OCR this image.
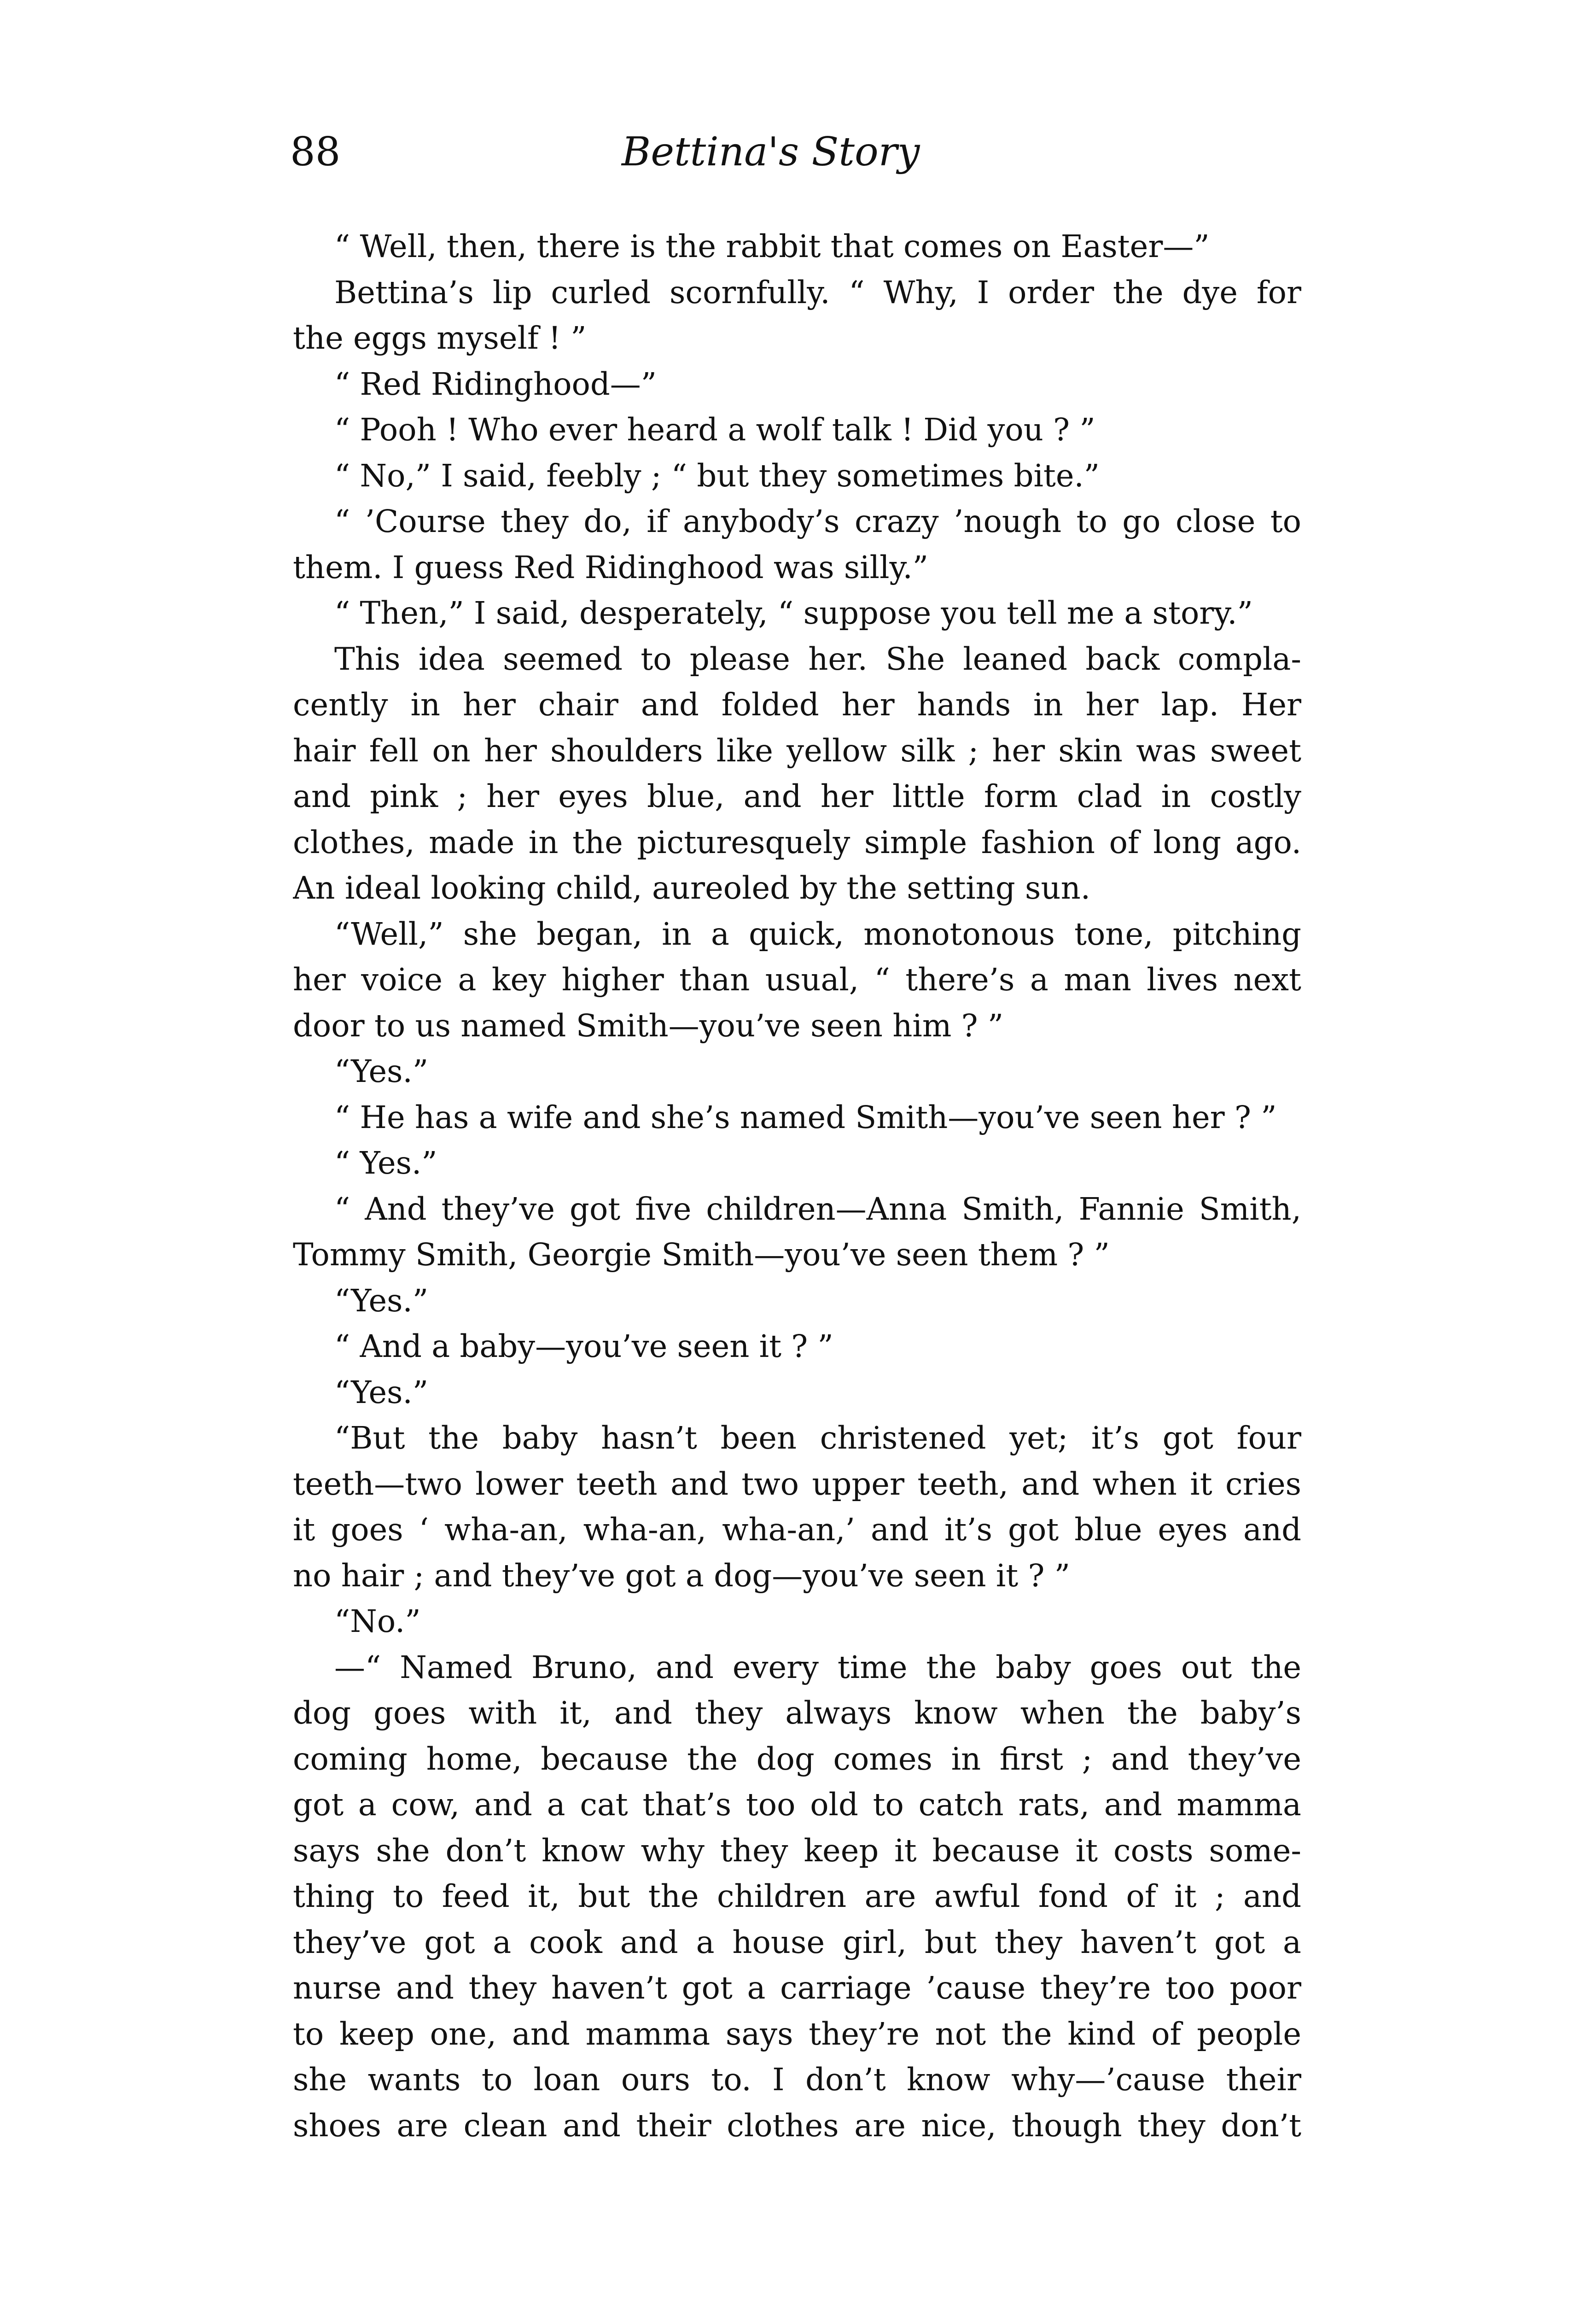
88	Bettina's Story
“ Well, then, there is the rabbit that comes on Easter—”
Bettina’s lip curled scornfully. “ Why, I order the dye for
the eggs myself ! ”
“ Red Ridinghood—”
“ Pooh ! Who ever heard a wolf talk ! Did you ? ”
“ No,” I said, feebly ; “ but they sometimes bite.”
“ ’Course they do, if anybody’s crazy ’nough to go close to
them. I guess Red Ridinghood was silly.”
“ Then,” I said, desperately, “ suppose you tell me a story.”
This idea seemed to please her. She leaned back compla-
cently in her chair and folded her hands in her lap. Her
hair fell on her shoulders like yellow silk ; her skin was sweet
and pink ; her eyes blue, and her little form clad in costly
clothes, made in the picturesquely simple fashion of long ago.
An ideal looking child, aureoled by the setting sun.
“Well,” she began, in a quick, monotonous tone, pitching
her voice a key higher than usual, “ there’s a man lives next
door to us named Smith—you’ve seen him ? ”
“Yes.”
“ He has a wife and she’s named Smith—you’ve seen her ? ”
“ Yes.”
“ And they’ve got five children—Anna Smith, Fannie Smith,
Tommy Smith, Georgie Smith—you’ve seen them ? ”
“Yes.”
“ And a baby—you’ve seen it ? ”
“Yes.”
“But the baby hasn’t been christened yet; it’s got four
teeth—two lower teeth and two upper teeth, and when it cries
it goes ‘ wha-an, wha-an, wha-an,’ and it’s got blue eyes and
no hair ; and they’ve got a dog—you’ve seen it ? ”
“No.”
—“ Named Bruno, and every time the baby goes out the
dog goes with it, and they always know when the baby’s
coming home, because the dog comes in first ; and they’ve
got a cow, and a cat that’s too old to catch rats, and mamma
says she don’t know why they keep it because it costs some-
thing to feed it, but the children are awful fond of it ; and
they’ve got a cook and a house girl, but they haven’t got a
nurse and they haven’t got a carriage ’cause they’re too poor
to keep one, and mamma says they’re not the kind of people
she wants to loan ours to. I don’t know why—’cause their
shoes are clean and their clothes are nice, though they don’t
